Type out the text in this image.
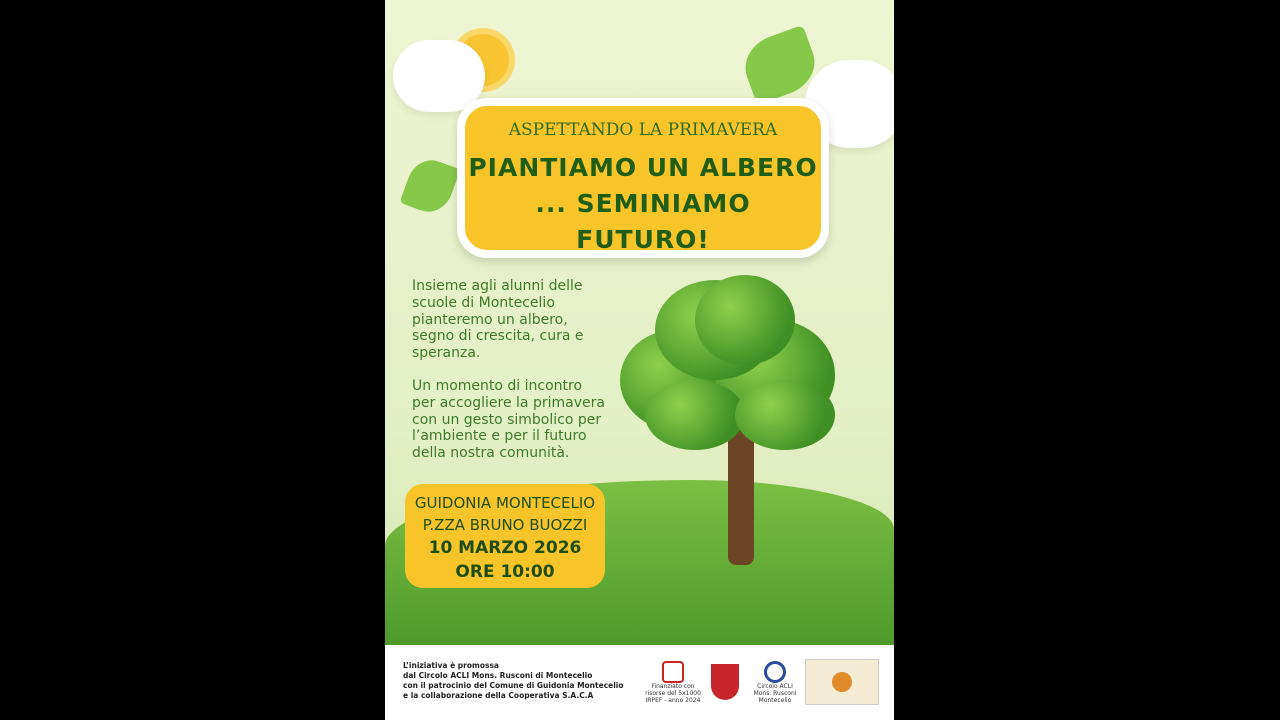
ASPETTANDO LA PRIMAVERA
PIANTIAMO UN ALBERO
... SEMINIAMO FUTURO!
Insieme agli alunni delle scuole di Montecelio pianteremo un albero, segno di crescita, cura e speranza.
Un momento di incontro per accogliere la primavera con un gesto simbolico per l’ambiente e per il futuro della nostra comunità.
GUIDONIA MONTECELIO
P.ZZA BRUNO BUOZZI
10 MARZO 2026
ORE 10:00
L’iniziativa è promossa
dal Circolo ACLI Mons. Rusconi di Montecelio
con il patrocinio del Comune di Guidonia Montecelio
e la collaborazione della Cooperativa S.A.C.A
Finanziato con risorse del 5x1000 IRPEF - anno 2024
Circolo ACLI Mons. Rusconi Montecelio
